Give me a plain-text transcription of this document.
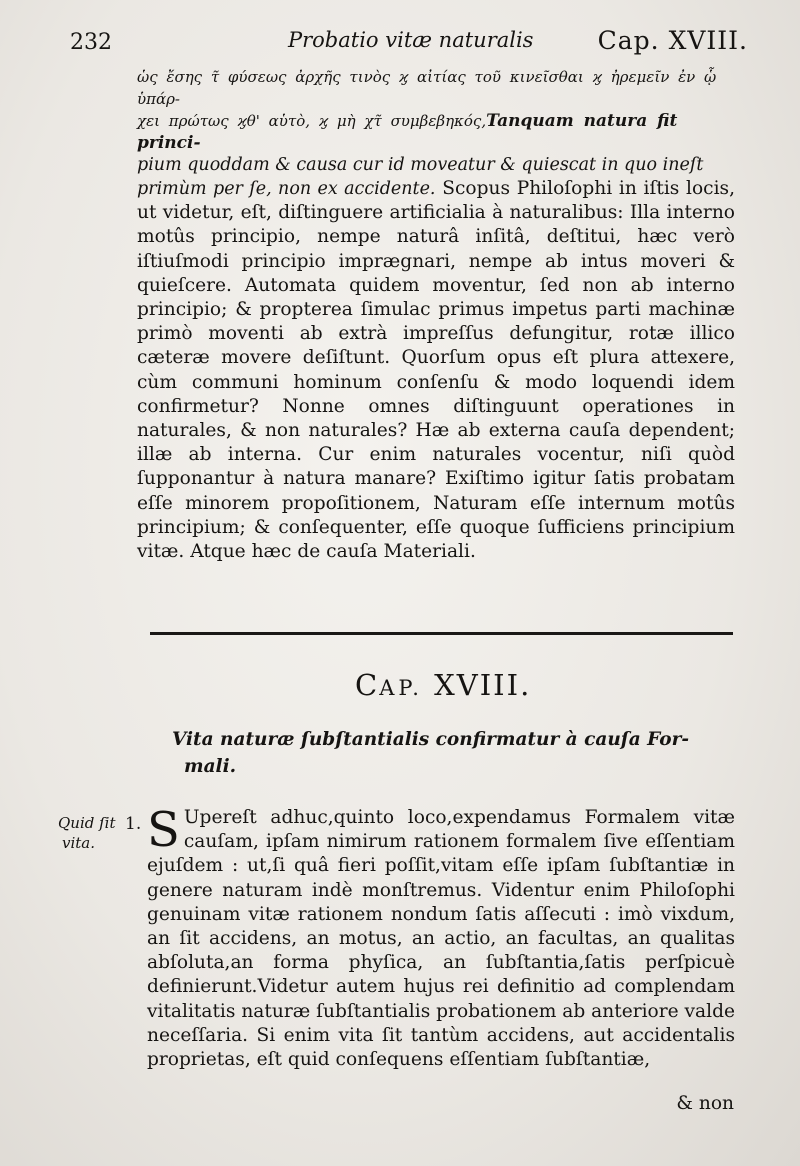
232	Probatio vitæ naturalis	Cap. XVIII.

ὡς ἔσης τ̃ φύσεως ἀρχῆς τινὸς ϗ αἰτίας τοῦ κινεῖσθαι ϗ ἠρεμεῖν ἐν ᾧ ὑπάρ-

χει πρώτως ϗθ' αὑτὸ, ϗ μὴ χτ̃ συμβεβηκός,Tanquam natura fit princi-

pium quoddam & causa cur id moveatur & quiescat in quo ineſt

primùm per ſe, non ex accidente. Scopus Philoſophi in iſtis locis, ut videtur, eſt, diſtinguere artificialia à naturalibus: Illa interno motûs principio, nempe naturâ inſitâ, deſtitui, hæc verò iſtiuſmodi principio imprægnari, nempe ab intus moveri & quieſcere. Automata quidem moventur, ſed non ab interno principio; & propterea ſimulac primus impetus parti machinæ primò moventi ab extrà impreſſus defungitur, rotæ illico cæteræ movere deſiſtunt. Quorſum opus eſt plura attexere, cùm communi hominum conſenſu & modo loquendi idem confirmetur? Nonne omnes diſtinguunt operationes in naturales, & non naturales? Hæ ab externa cauſa dependent; illæ ab interna. Cur enim naturales vocentur, niſi quòd ſupponantur à natura manare? Exiſtimo igitur ſatis probatam eſſe minorem propoſitionem, Naturam eſſe internum motûs principium; & conſequenter, eſſe quoque ſufficiens principium vitæ. Atque hæc de cauſa Materiali.

CAP. XVIII.

Vita naturæ ſubſtantialis confirmatur à cauſa For-
mali.

Quid ſit
vita.

1. S Upereſt adhuc,quinto loco,expendamus Formalem vitæ cauſam, ipſam nimirum rationem formalem ſive eſſentiam ejuſdem : ut,ſi quâ fieri poſſit,vitam eſſe ipſam ſubſtantiæ in genere naturam indè monſtremus. Videntur enim Philoſophi genuinam vitæ rationem nondum ſatis aſſecuti : imò vixdum, an ſit accidens, an motus, an actio, an facultas, an qualitas abſoluta,an forma phyſica, an ſubſtantia,ſatis perſpicuè definierunt.Videtur autem hujus rei definitio ad complendam vitalitatis naturæ ſubſtantialis probationem ab anteriore valde neceſſaria. Si enim vita ſit tantùm accidens, aut accidentalis proprietas, eſt quid conſequens eſſentiam ſubſtantiæ,

& non
